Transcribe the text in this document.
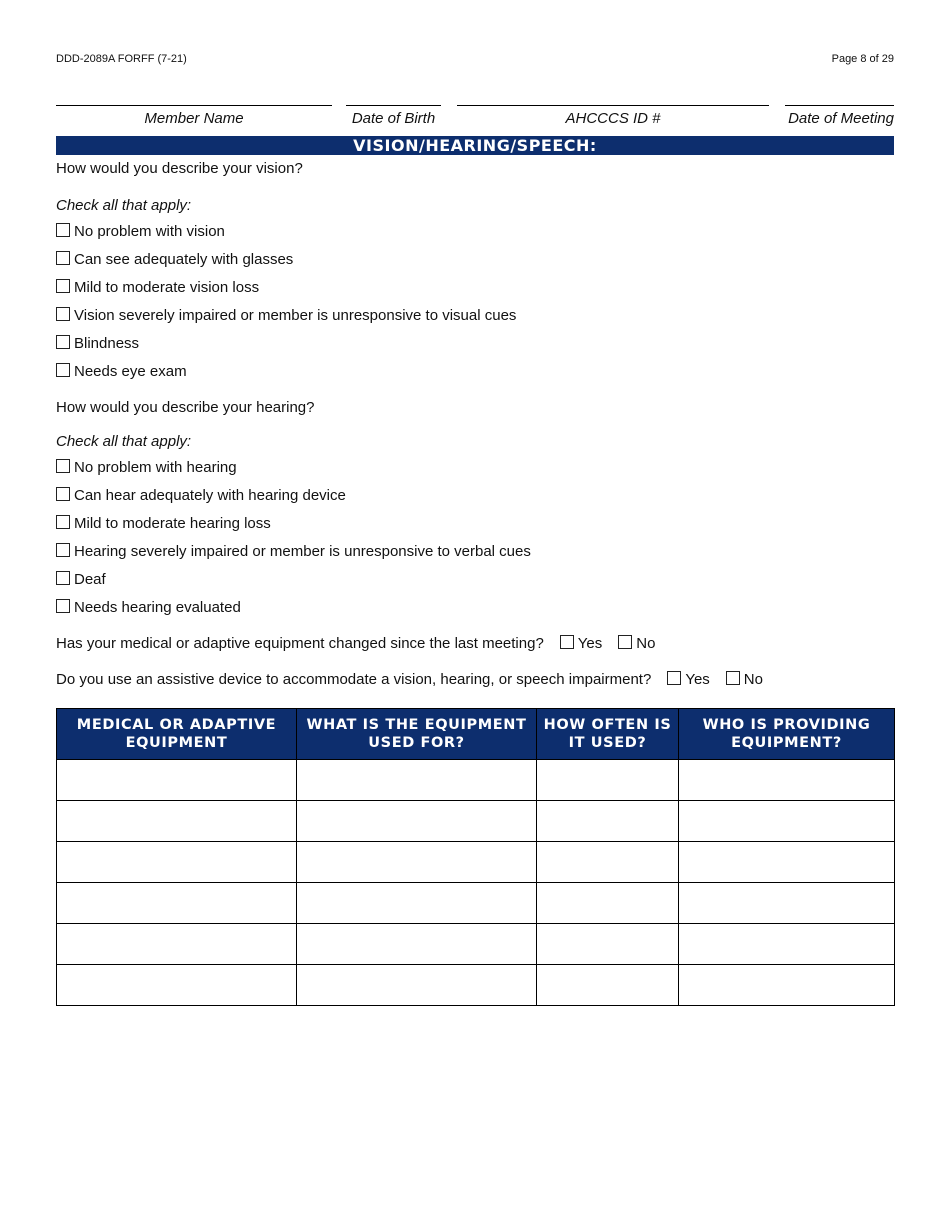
DDD-2089A FORFF (7-21)	Page 8 of 29
Member Name	Date of Birth	AHCCCS ID #	Date of Meeting
VISION/HEARING/SPEECH:
How would you describe your vision?
Check all that apply:
No problem with vision
Can see adequately with glasses
Mild to moderate vision loss
Vision severely impaired or member is unresponsive to visual cues
Blindness
Needs eye exam
How would you describe your hearing?
Check all that apply:
No problem with hearing
Can hear adequately with hearing device
Mild to moderate hearing loss
Hearing severely impaired or member is unresponsive to verbal cues
Deaf
Needs hearing evaluated
Has your medical or adaptive equipment changed since the last meeting? Yes No
Do you use an assistive device to accommodate a vision, hearing, or speech impairment? Yes No
MEDICAL OR ADAPTIVE EQUIPMENT	WHAT IS THE EQUIPMENT USED FOR?	HOW OFTEN IS IT USED?	WHO IS PROVIDING EQUIPMENT?
